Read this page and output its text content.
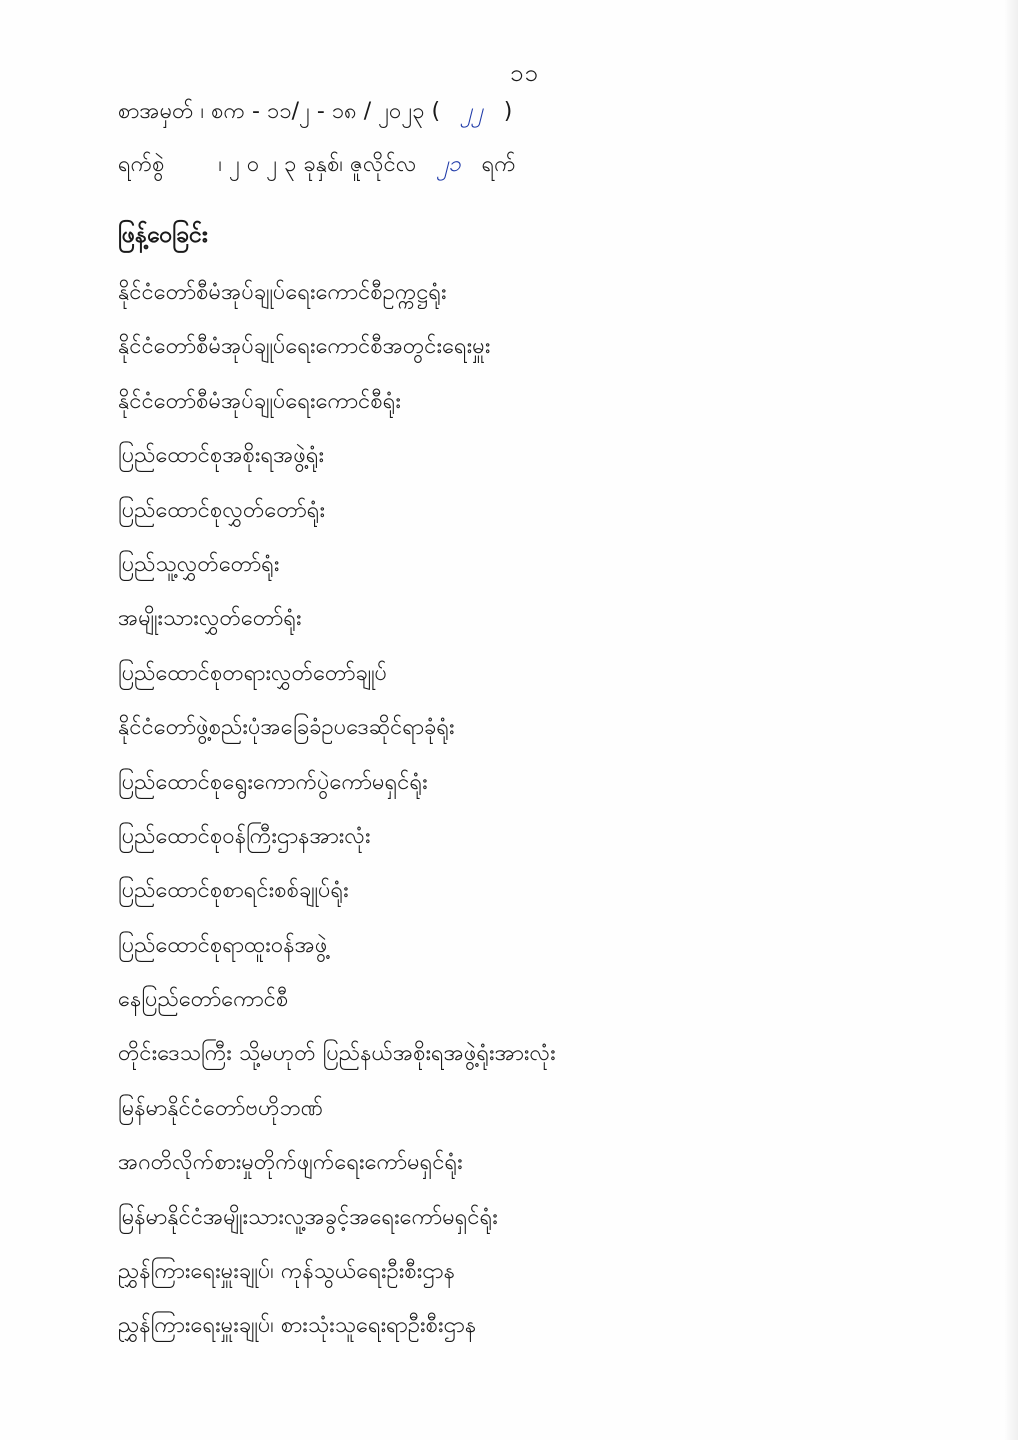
၁၁
စာအမှတ် ၊ စက - ၁၁/၂ - ၁၈ / ၂၀၂၃ ( ၂၂ )
ရက်စွဲ ၊ ၂ ၀ ၂ ၃ ခုနှစ်၊ ဇူလိုင်လ ၂၁ ရက်
ဖြန့်ဝေခြင်း
နိုင်ငံတော်စီမံအုပ်ချုပ်ရေးကောင်စီဥက္ကဋ္ဌရုံး
နိုင်ငံတော်စီမံအုပ်ချုပ်ရေးကောင်စီအတွင်းရေးမှူး
နိုင်ငံတော်စီမံအုပ်ချုပ်ရေးကောင်စီရုံး
ပြည်ထောင်စုအစိုးရအဖွဲ့ရုံး
ပြည်ထောင်စုလွှတ်တော်ရုံး
ပြည်သူ့လွှတ်တော်ရုံး
အမျိုးသားလွှတ်တော်ရုံး
ပြည်ထောင်စုတရားလွှတ်တော်ချုပ်
နိုင်ငံတော်ဖွဲ့စည်းပုံအခြေခံဥပဒေဆိုင်ရာခုံရုံး
ပြည်ထောင်စုရွေးကောက်ပွဲကော်မရှင်ရုံး
ပြည်ထောင်စုဝန်ကြီးဌာနအားလုံး
ပြည်ထောင်စုစာရင်းစစ်ချုပ်ရုံး
ပြည်ထောင်စုရာထူးဝန်အဖွဲ့
နေပြည်တော်ကောင်စီ
တိုင်းဒေသကြီး သို့မဟုတ် ပြည်နယ်အစိုးရအဖွဲ့ရုံးအားလုံး
မြန်မာနိုင်ငံတော်ဗဟိုဘဏ်
အဂတိလိုက်စားမှုတိုက်ဖျက်ရေးကော်မရှင်ရုံး
မြန်မာနိုင်ငံအမျိုးသားလူ့အခွင့်အရေးကော်မရှင်ရုံး
ညွှန်ကြားရေးမှူးချုပ်၊ ကုန်သွယ်ရေးဦးစီးဌာန
ညွှန်ကြားရေးမှူးချုပ်၊ စားသုံးသူရေးရာဦးစီးဌာန
